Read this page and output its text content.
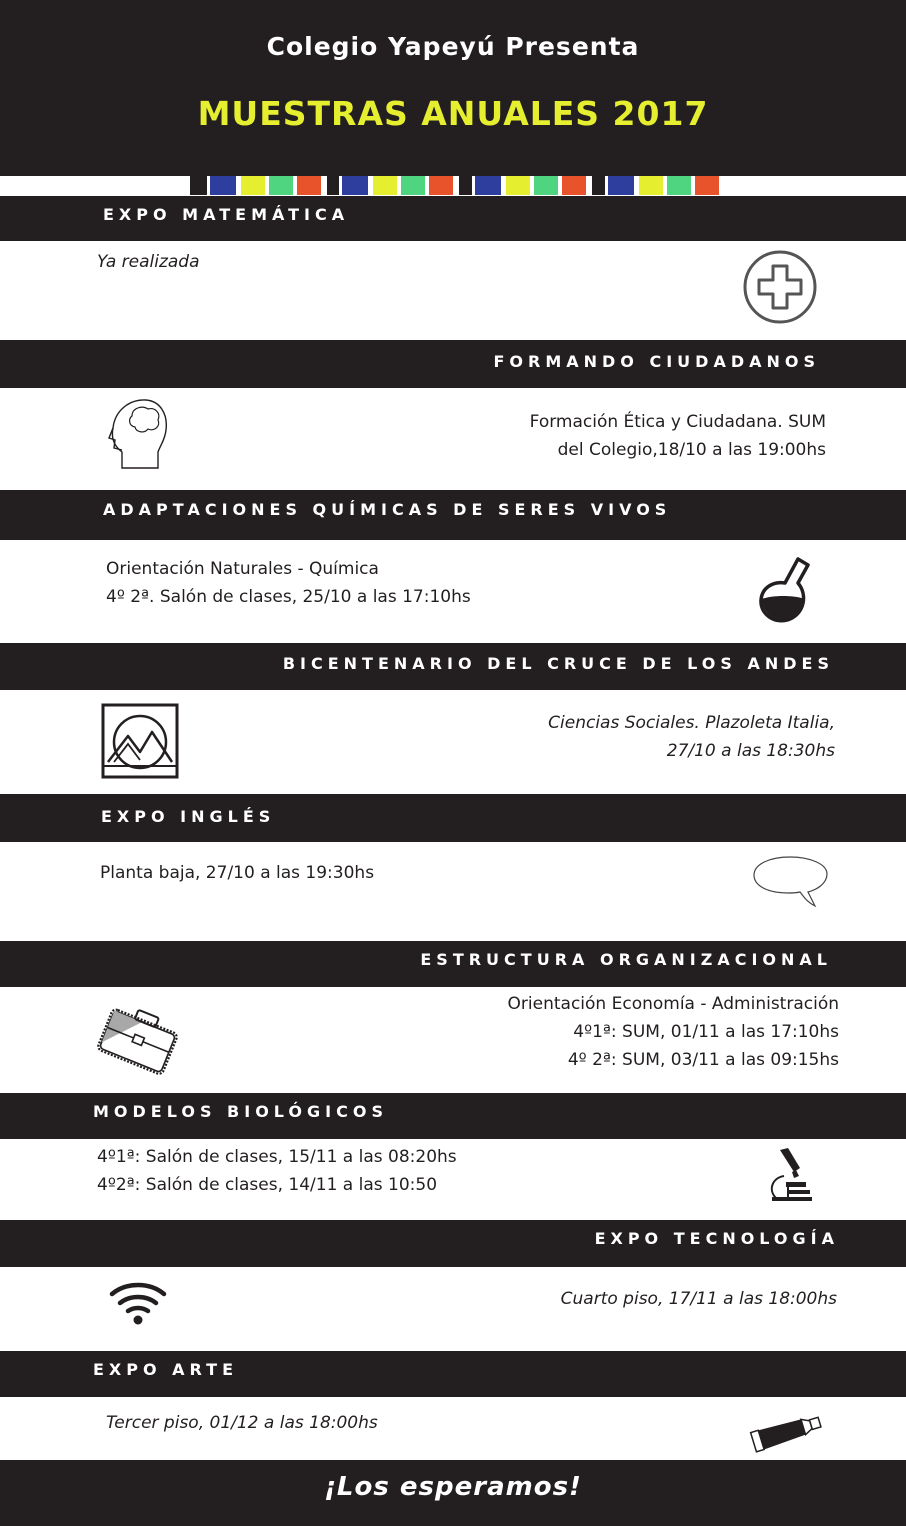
Colegio Yapeyú Presenta
MUESTRAS ANUALES 2017
EXPO MATEMÁTICA
Ya realizada
FORMANDO CIUDADANOS
Formación Ética y Ciudadana. SUM
del Colegio,18/10 a las 19:00hs
ADAPTACIONES QUÍMICAS DE SERES VIVOS
Orientación Naturales - Química
4º 2ª. Salón de clases, 25/10 a las 17:10hs
BICENTENARIO DEL CRUCE DE LOS ANDES
Ciencias Sociales. Plazoleta Italia,
27/10 a las 18:30hs
EXPO INGLÉS
Planta baja, 27/10 a las 19:30hs
ESTRUCTURA ORGANIZACIONAL
Orientación Economía - Administración
4º1ª: SUM, 01/11 a las 17:10hs
4º 2ª: SUM, 03/11 a las 09:15hs
MODELOS BIOLÓGICOS
4º1ª: Salón de clases, 15/11 a las 08:20hs
4º2ª: Salón de clases, 14/11 a las 10:50
EXPO TECNOLOGÍA
Cuarto piso, 17/11 a las 18:00hs
EXPO ARTE
Tercer piso, 01/12 a las 18:00hs
¡Los esperamos!
